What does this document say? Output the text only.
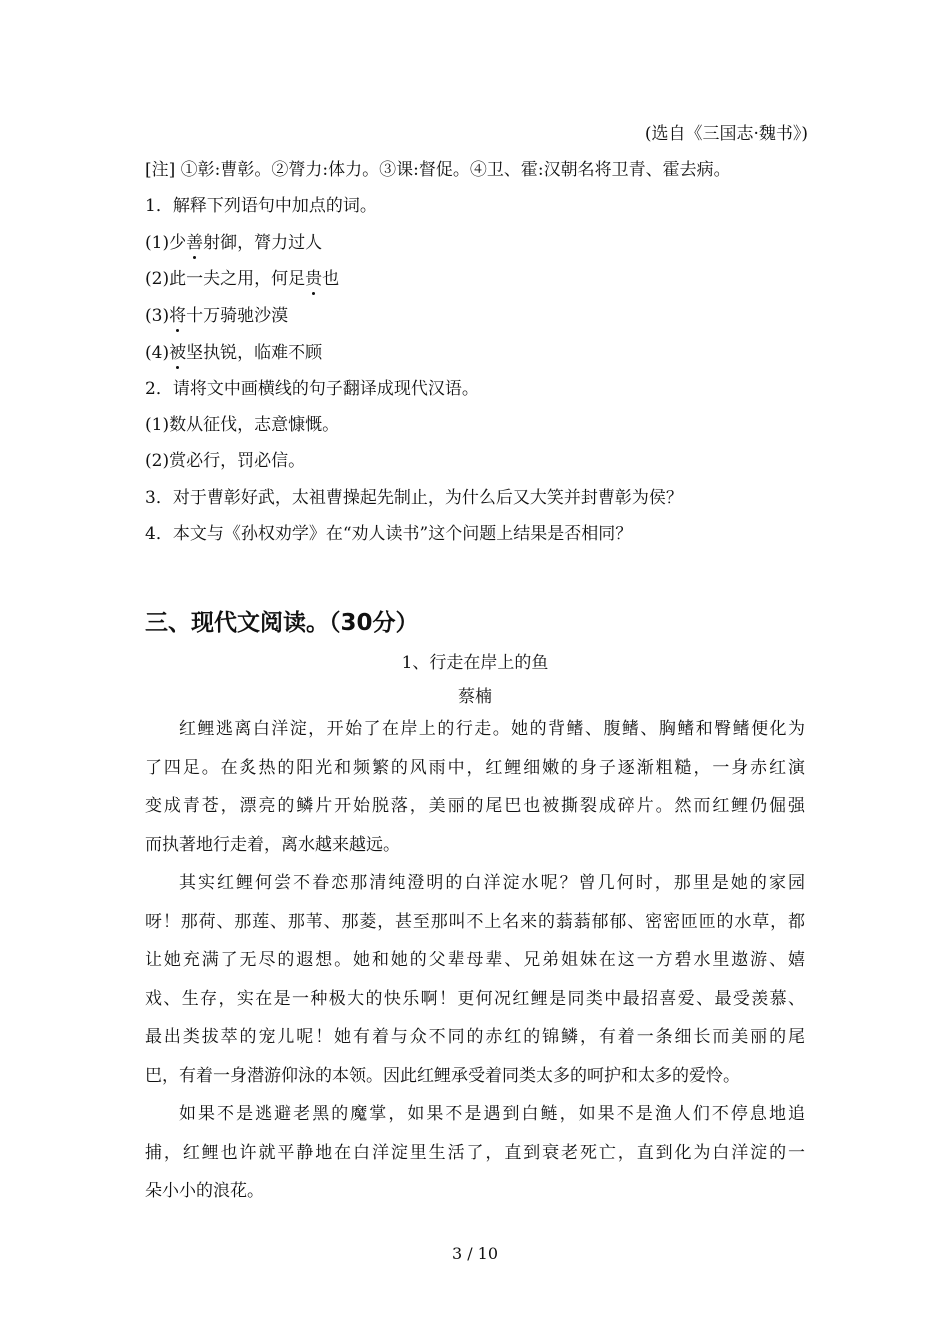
(选自《三国志·魏书》)
[注] ①彰:曹彰。②膂力:体力。③课:督促。④卫、霍:汉朝名将卫青、霍去病。
1．解释下列语句中加点的词。
(1)少善射御，膂力过人
(2)此一夫之用，何足贵也
(3)将十万骑驰沙漠
(4)被坚执锐，临难不顾
2．请将文中画横线的句子翻译成现代汉语。
(1)数从征伐，志意慷慨。
(2)赏必行，罚必信。
3．对于曹彰好武，太祖曹操起先制止，为什么后又大笑并封曹彰为侯？
4．本文与《孙权劝学》在“劝人读书”这个问题上结果是否相同？
三、现代文阅读。（30分）
1、行走在岸上的鱼
蔡楠
红鲤逃离白洋淀，开始了在岸上的行走。她的背鳍、腹鳍、胸鳍和臀鳍便化为
了四足。在炙热的阳光和频繁的风雨中，红鲤细嫩的身子逐渐粗糙，一身赤红演
变成青苍，漂亮的鳞片开始脱落，美丽的尾巴也被撕裂成碎片。然而红鲤仍倔强
而执著地行走着，离水越来越远。
其实红鲤何尝不眷恋那清纯澄明的白洋淀水呢？曾几何时，那里是她的家园
呀！那荷、那莲、那苇、那菱，甚至那叫不上名来的蓊蓊郁郁、密密匝匝的水草，都
让她充满了无尽的遐想。她和她的父辈母辈、兄弟姐妹在这一方碧水里遨游、嬉
戏、生存，实在是一种极大的快乐啊！更何况红鲤是同类中最招喜爱、最受羡慕、
最出类拔萃的宠儿呢！她有着与众不同的赤红的锦鳞，有着一条细长而美丽的尾
巴，有着一身潜游仰泳的本领。因此红鲤承受着同类太多的呵护和太多的爱怜。
如果不是逃避老黑的魔掌，如果不是遇到白鲢，如果不是渔人们不停息地追
捕，红鲤也许就平静地在白洋淀里生活了，直到衰老死亡，直到化为白洋淀的一
朵小小的浪花。
3 / 10
